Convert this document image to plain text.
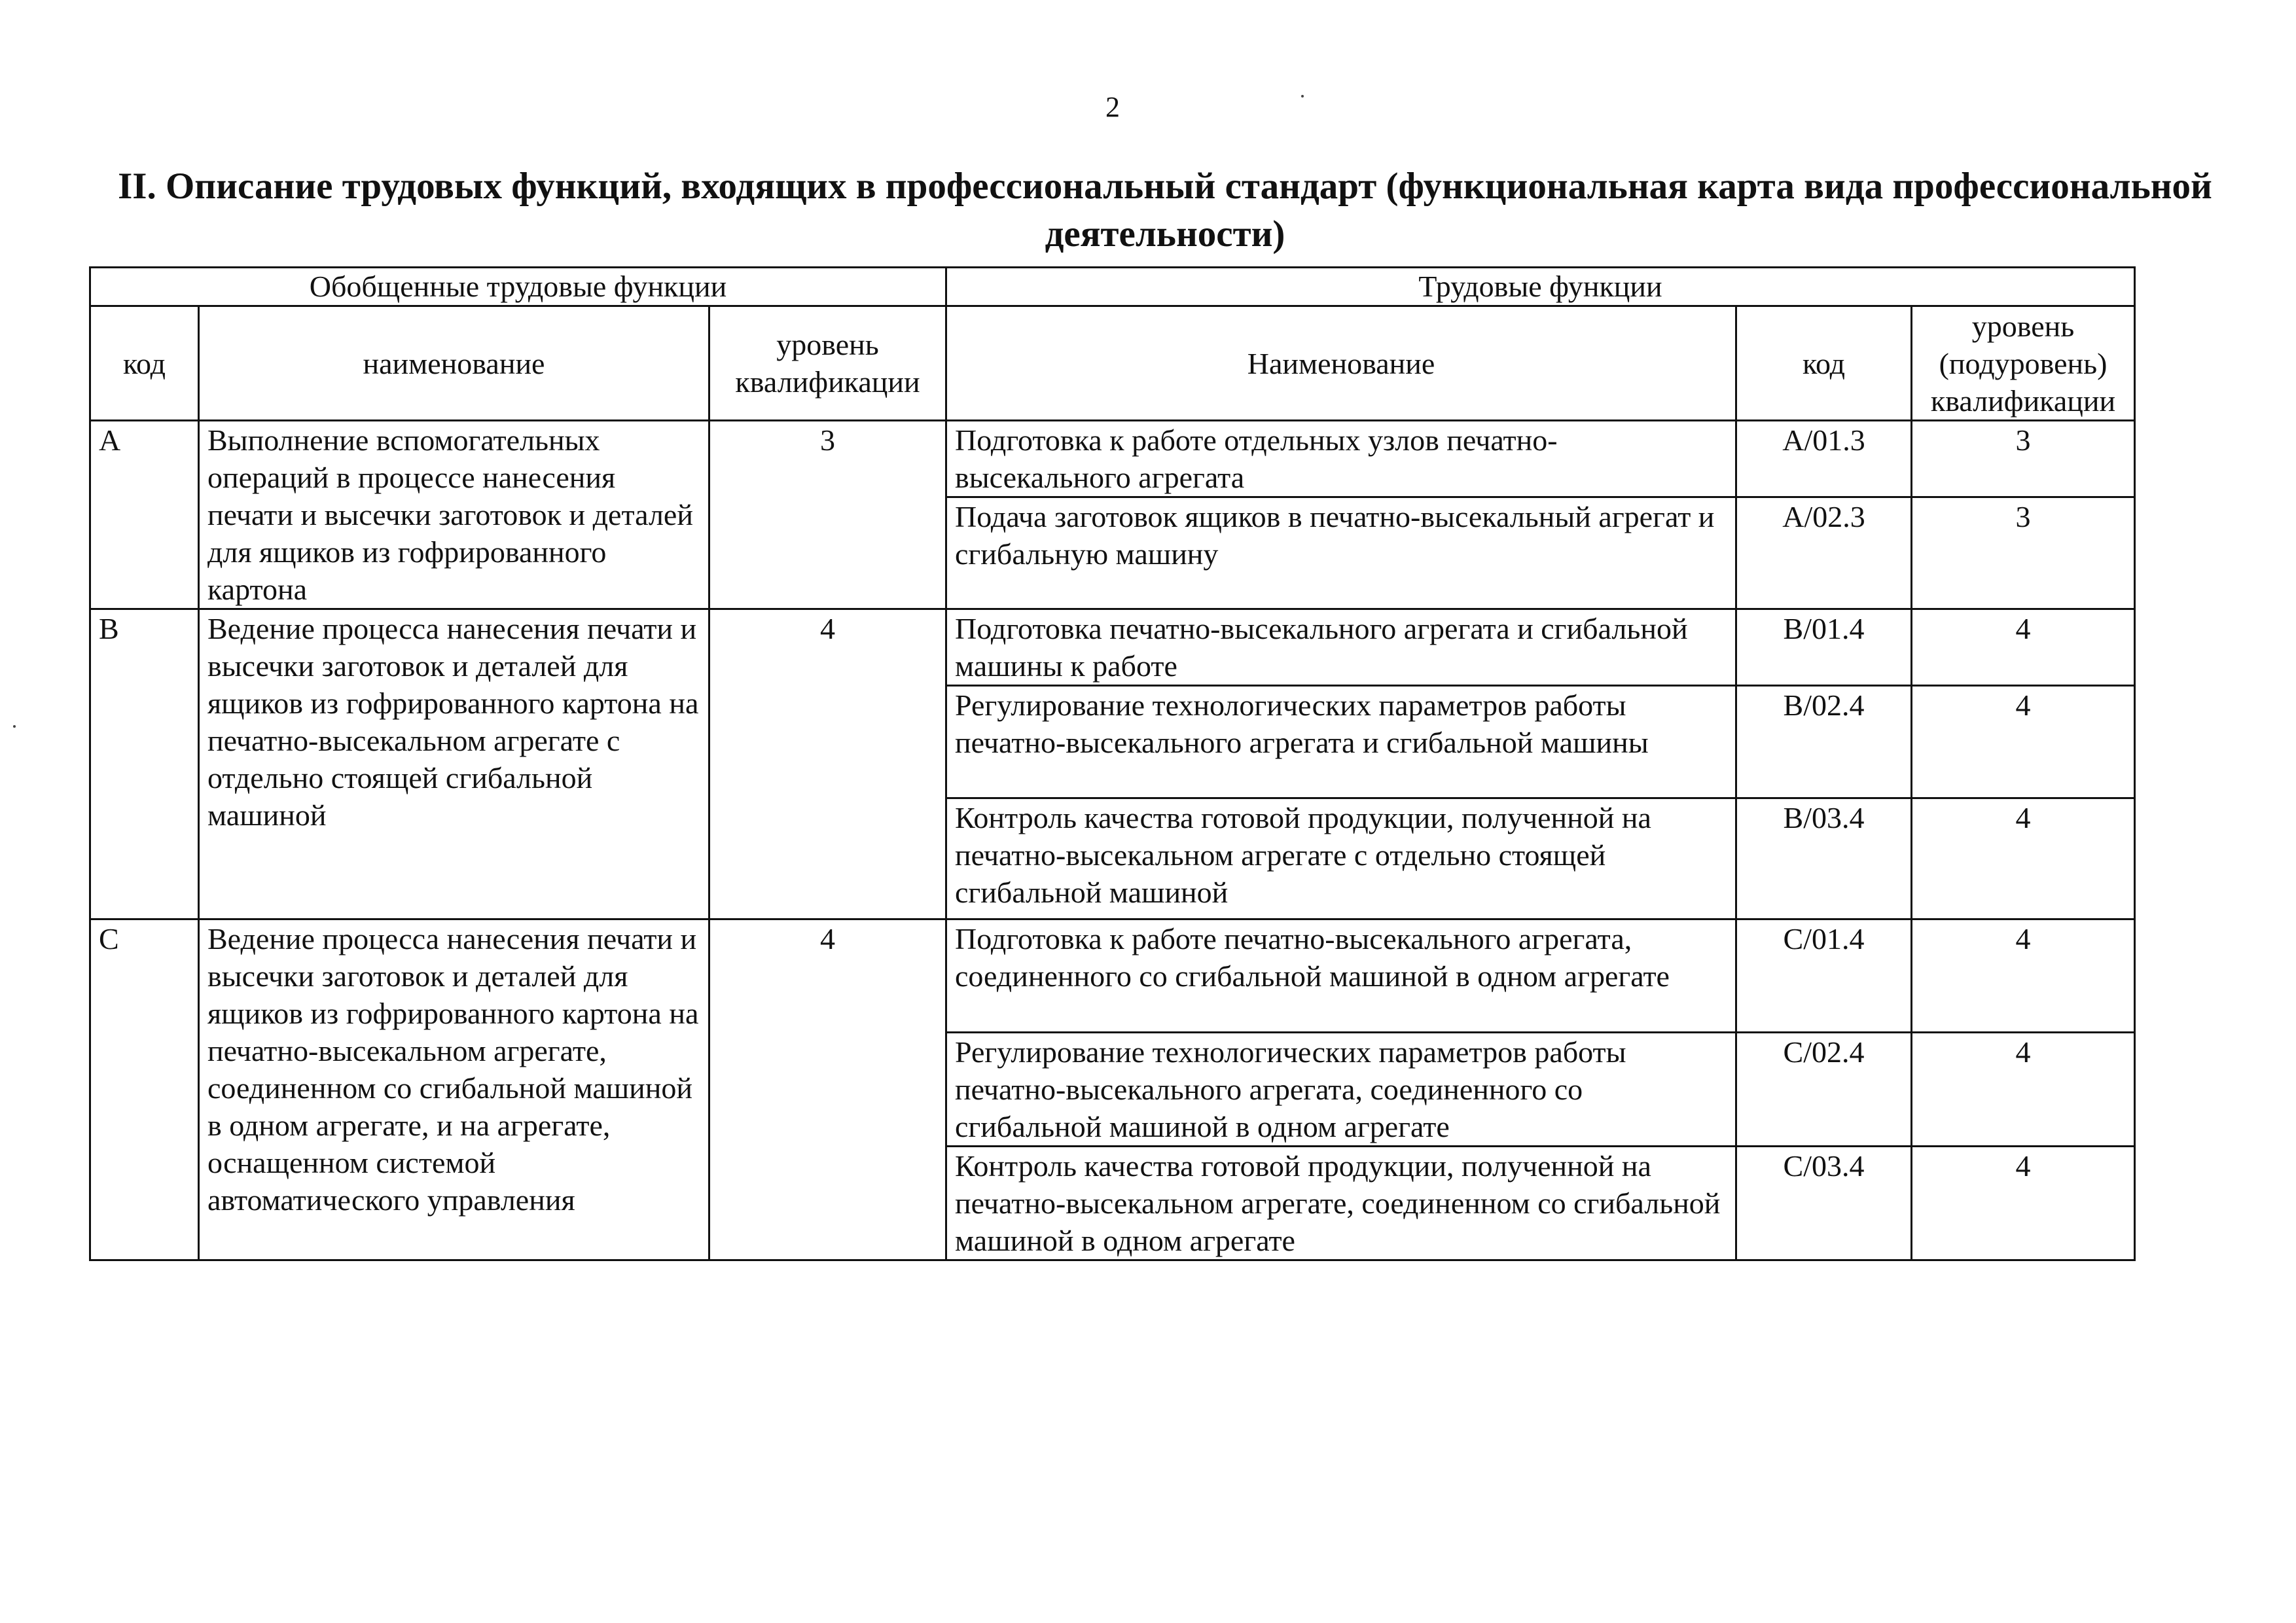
2
II. Описание трудовых функций, входящих в профессиональный стандарт (функциональная карта вида профессиональной деятельности)
Обобщенные трудовые функции			Трудовые функции		
код	наименование	уровень квалификации	Наименование	код	уровень (подуровень) квалификации
A	Выполнение вспомогательных операций в процессе нанесения печати и высечки заготовок и деталей для ящиков из гофрированного картона	3	Подготовка к работе отдельных узлов печатно-высекального агрегата	A/01.3	3
			Подача заготовок ящиков в печатно-высекальный агрегат и сгибальную машину	A/02.3	3
B	Ведение процесса нанесения печати и высечки заготовок и деталей для ящиков из гофрированного картона на печатно-высекальном агрегате с отдельно стоящей сгибальной машиной	4	Подготовка печатно-высекального агрегата и сгибальной машины к работе	B/01.4	4
			Регулирование технологических параметров работы печатно-высекального агрегата и сгибальной машины	B/02.4	4
			Контроль качества готовой продукции, полученной на печатно-высекальном агрегате с отдельно стоящей сгибальной машиной	B/03.4	4
C	Ведение процесса нанесения печати и высечки заготовок и деталей для ящиков из гофрированного картона на печатно-высекальном агрегате, соединенном со сгибальной машиной в одном агрегате, и на агрегате, оснащенном системой автоматического управления	4	Подготовка к работе печатно-высекального агрегата, соединенного со сгибальной машиной в одном агрегате	C/01.4	4
			Регулирование технологических параметров работы печатно-высекального агрегата, соединенного со сгибальной машиной в одном агрегате	C/02.4	4
			Контроль качества готовой продукции, полученной на печатно-высекальном агрегате, соединенном со сгибальной машиной в одном агрегате	C/03.4	4
